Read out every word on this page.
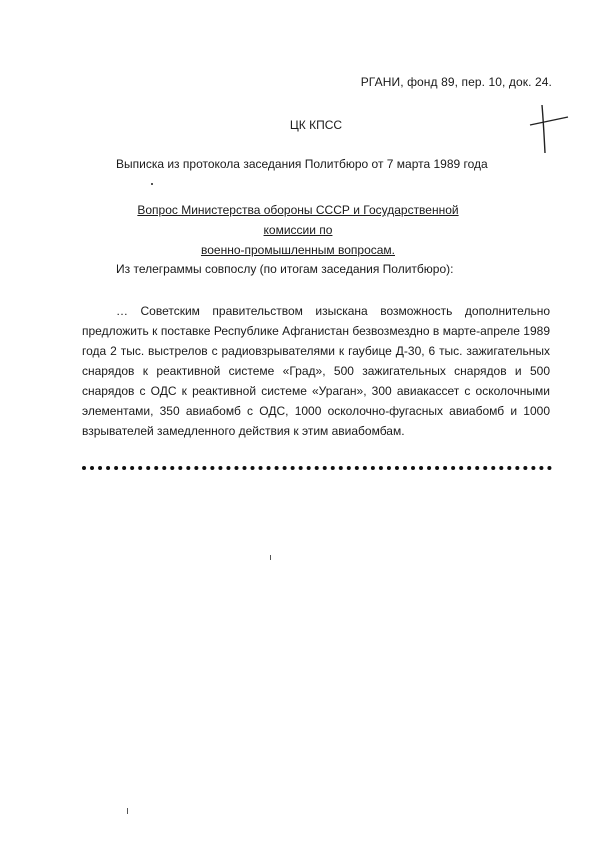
РГАНИ, фонд 89, пер. 10, док. 24.
ЦК КПСС
Выписка из протокола заседания Политбюро от 7 марта 1989 года
Вопрос Министерства обороны СССР и Государственной комиссии по
военно-промышленным вопросам.
Из телеграммы совпослу (по итогам заседания Политбюро):
… Советским правительством изыскана возможность дополнительно предложить к поставке Республике Афганистан безвозмездно в марте-апреле 1989 года 2 тыс. выстрелов с радиовзрывателями к гаубице Д-30, 6 тыс. зажигательных снарядов к реактивной системе «Град», 500 зажигательных снарядов и 500 снарядов с ОДС к реактивной системе «Ураган», 300 авиакассет с осколочными элементами, 350 авиабомб с ОДС, 1000 осколочно-фугасных авиабомб и 1000 взрывателей замедленного действия к этим авиабомбам.
